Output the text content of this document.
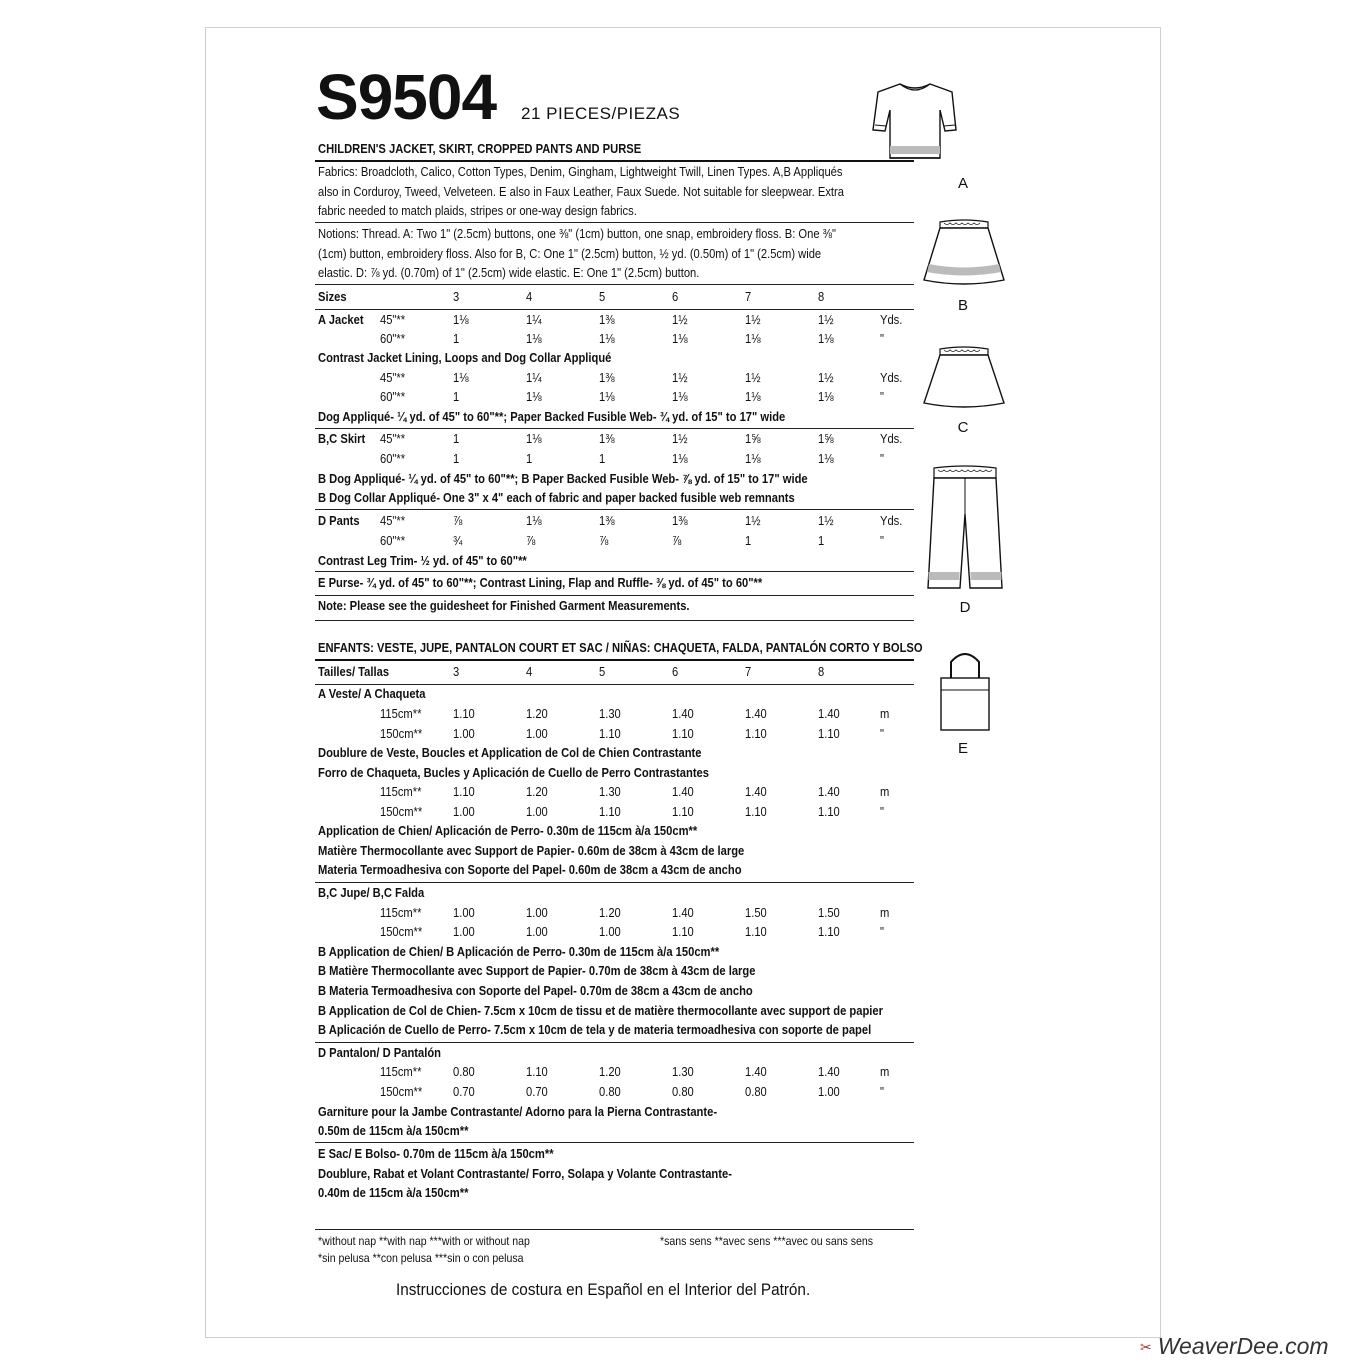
S9504 21 PIECES/PIEZAS
CHILDREN'S JACKET, SKIRT, CROPPED PANTS AND PURSE
Fabrics: Broadcloth, Calico, Cotton Types, Denim, Gingham, Lightweight Twill, Linen Types. A,B Appliqués
also in Corduroy, Tweed, Velveteen. E also in Faux Leather, Faux Suede. Not suitable for sleepwear. Extra
fabric needed to match plaids, stripes or one-way design fabrics.
Notions: Thread. A: Two 1" (2.5cm) buttons, one ⅜" (1cm) button, one snap, embroidery floss. B: One ⅜"
(1cm) button, embroidery floss. Also for B, C: One 1" (2.5cm) button, ½ yd. (0.50m) of 1" (2.5cm) wide
elastic. D: ⅞ yd. (0.70m) of 1" (2.5cm) wide elastic. E: One 1" (2.5cm) button.
Sizes	3	4	5	6	7	8
A Jacket 45"**	1⅛	1¼	1⅜	1½	1½	1½	Yds.
60"**	1	1⅛	1⅛	1⅛	1⅛	1⅛	"
Contrast Jacket Lining, Loops and Dog Collar Appliqué
45"**	1⅛	1¼	1⅜	1½	1½	1½	Yds.
60"**	1	1⅛	1⅛	1⅛	1⅛	1⅛	"
Dog Appliqué- ¼ yd. of 45" to 60"**; Paper Backed Fusible Web- ¾ yd. of 15" to 17" wide
B,C Skirt 45"**	1	1⅛	1⅜	1½	1⅝	1⅝	Yds.
60"**	1	1	1	1⅛	1⅛	1⅛	"
B Dog Appliqué- ¼ yd. of 45" to 60"**; B Paper Backed Fusible Web- ⅞ yd. of 15" to 17" wide
B Dog Collar Appliqué- One 3" x 4" each of fabric and paper backed fusible web remnants
D Pants 45"**	⅞	1⅛	1⅜	1⅜	1½	1½	Yds.
60"**	¾	⅞	⅞	⅞	1	1	"
Contrast Leg Trim- ½ yd. of 45" to 60"**
E Purse- ¾ yd. of 45" to 60"**; Contrast Lining, Flap and Ruffle- ⅜ yd. of 45" to 60"**
Note: Please see the guidesheet for Finished Garment Measurements.
ENFANTS: VESTE, JUPE, PANTALON COURT ET SAC / NIÑAS: CHAQUETA, FALDA, PANTALÓN CORTO Y BOLSO
Tailles/ Tallas	3	4	5	6	7	8
A Veste/ A Chaqueta
115cm** 1.10	1.20	1.30	1.40	1.40	1.40	m
150cm** 1.00	1.00	1.10	1.10	1.10	1.10	"
Doublure de Veste, Boucles et Application de Col de Chien Contrastante
Forro de Chaqueta, Bucles y Aplicación de Cuello de Perro Contrastantes
115cm** 1.10	1.20	1.30	1.40	1.40	1.40	m
150cm** 1.00	1.00	1.10	1.10	1.10	1.10	"
Application de Chien/ Aplicación de Perro- 0.30m de 115cm à/a 150cm**
Matière Thermocollante avec Support de Papier- 0.60m de 38cm à 43cm de large
Materia Termoadhesiva con Soporte del Papel- 0.60m de 38cm a 43cm de ancho
B,C Jupe/ B,C Falda
115cm** 1.00	1.00	1.20	1.40	1.50	1.50	m
150cm** 1.00	1.00	1.00	1.10	1.10	1.10	"
B Application de Chien/ B Aplicación de Perro- 0.30m de 115cm à/a 150cm**
B Matière Thermocollante avec Support de Papier- 0.70m de 38cm à 43cm de large
B Materia Termoadhesiva con Soporte del Papel- 0.70m de 38cm a 43cm de ancho
B Application de Col de Chien- 7.5cm x 10cm de tissu et de matière thermocollante avec support de papier
B Aplicación de Cuello de Perro- 7.5cm x 10cm de tela y de materia termoadhesiva con soporte de papel
D Pantalon/ D Pantalón
115cm** 0.80	1.10	1.20	1.30	1.40	1.40	m
150cm** 0.70	0.70	0.80	0.80	0.80	1.00	"
Garniture pour la Jambe Contrastante/ Adorno para la Pierna Contrastante-
0.50m de 115cm à/a 150cm**
E Sac/ E Bolso- 0.70m de 115cm à/a 150cm**
Doublure, Rabat et Volant Contrastante/ Forro, Solapa y Volante Contrastante-
0.40m de 115cm à/a 150cm**
A
B
C
D
E
*without nap **with nap ***with or without nap
*sin pelusa **con pelusa ***sin o con pelusa
*sans sens **avec sens ***avec ou sans sens
Instrucciones de costura en Español en el Interior del Patrón.
✂ WeaverDee.com
